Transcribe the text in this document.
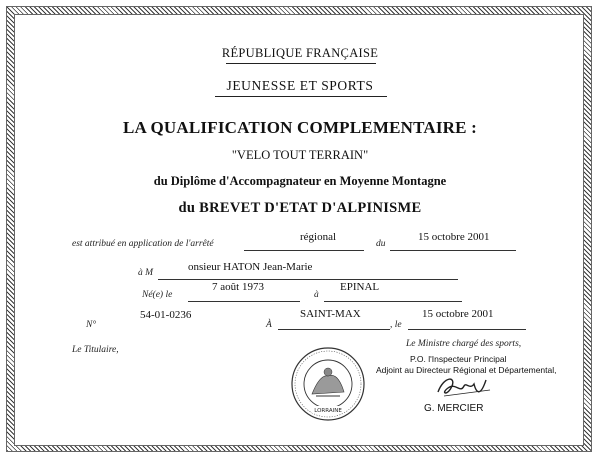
RÉPUBLIQUE FRANÇAISE
JEUNESSE ET SPORTS
LA QUALIFICATION COMPLEMENTAIRE :
"VELO TOUT TERRAIN"
du Diplôme d'Accompagnateur en Moyenne Montagne
du BREVET D'ETAT D'ALPINISME
est attribué en application de l'arrêté
régional
du
15 octobre 2001
à M	onsieur HATON Jean-Marie
Né(e) le
7 août 1973
à
EPINAL
N°
54-01-0236
À
SAINT-MAX
, le
15 octobre 2001
Le Titulaire,
Le Ministre chargé des sports,
P.O. l'Inspecteur Principal
Adjoint au Directeur Régional et Départemental,
LORRAINE	G. MERCIER
